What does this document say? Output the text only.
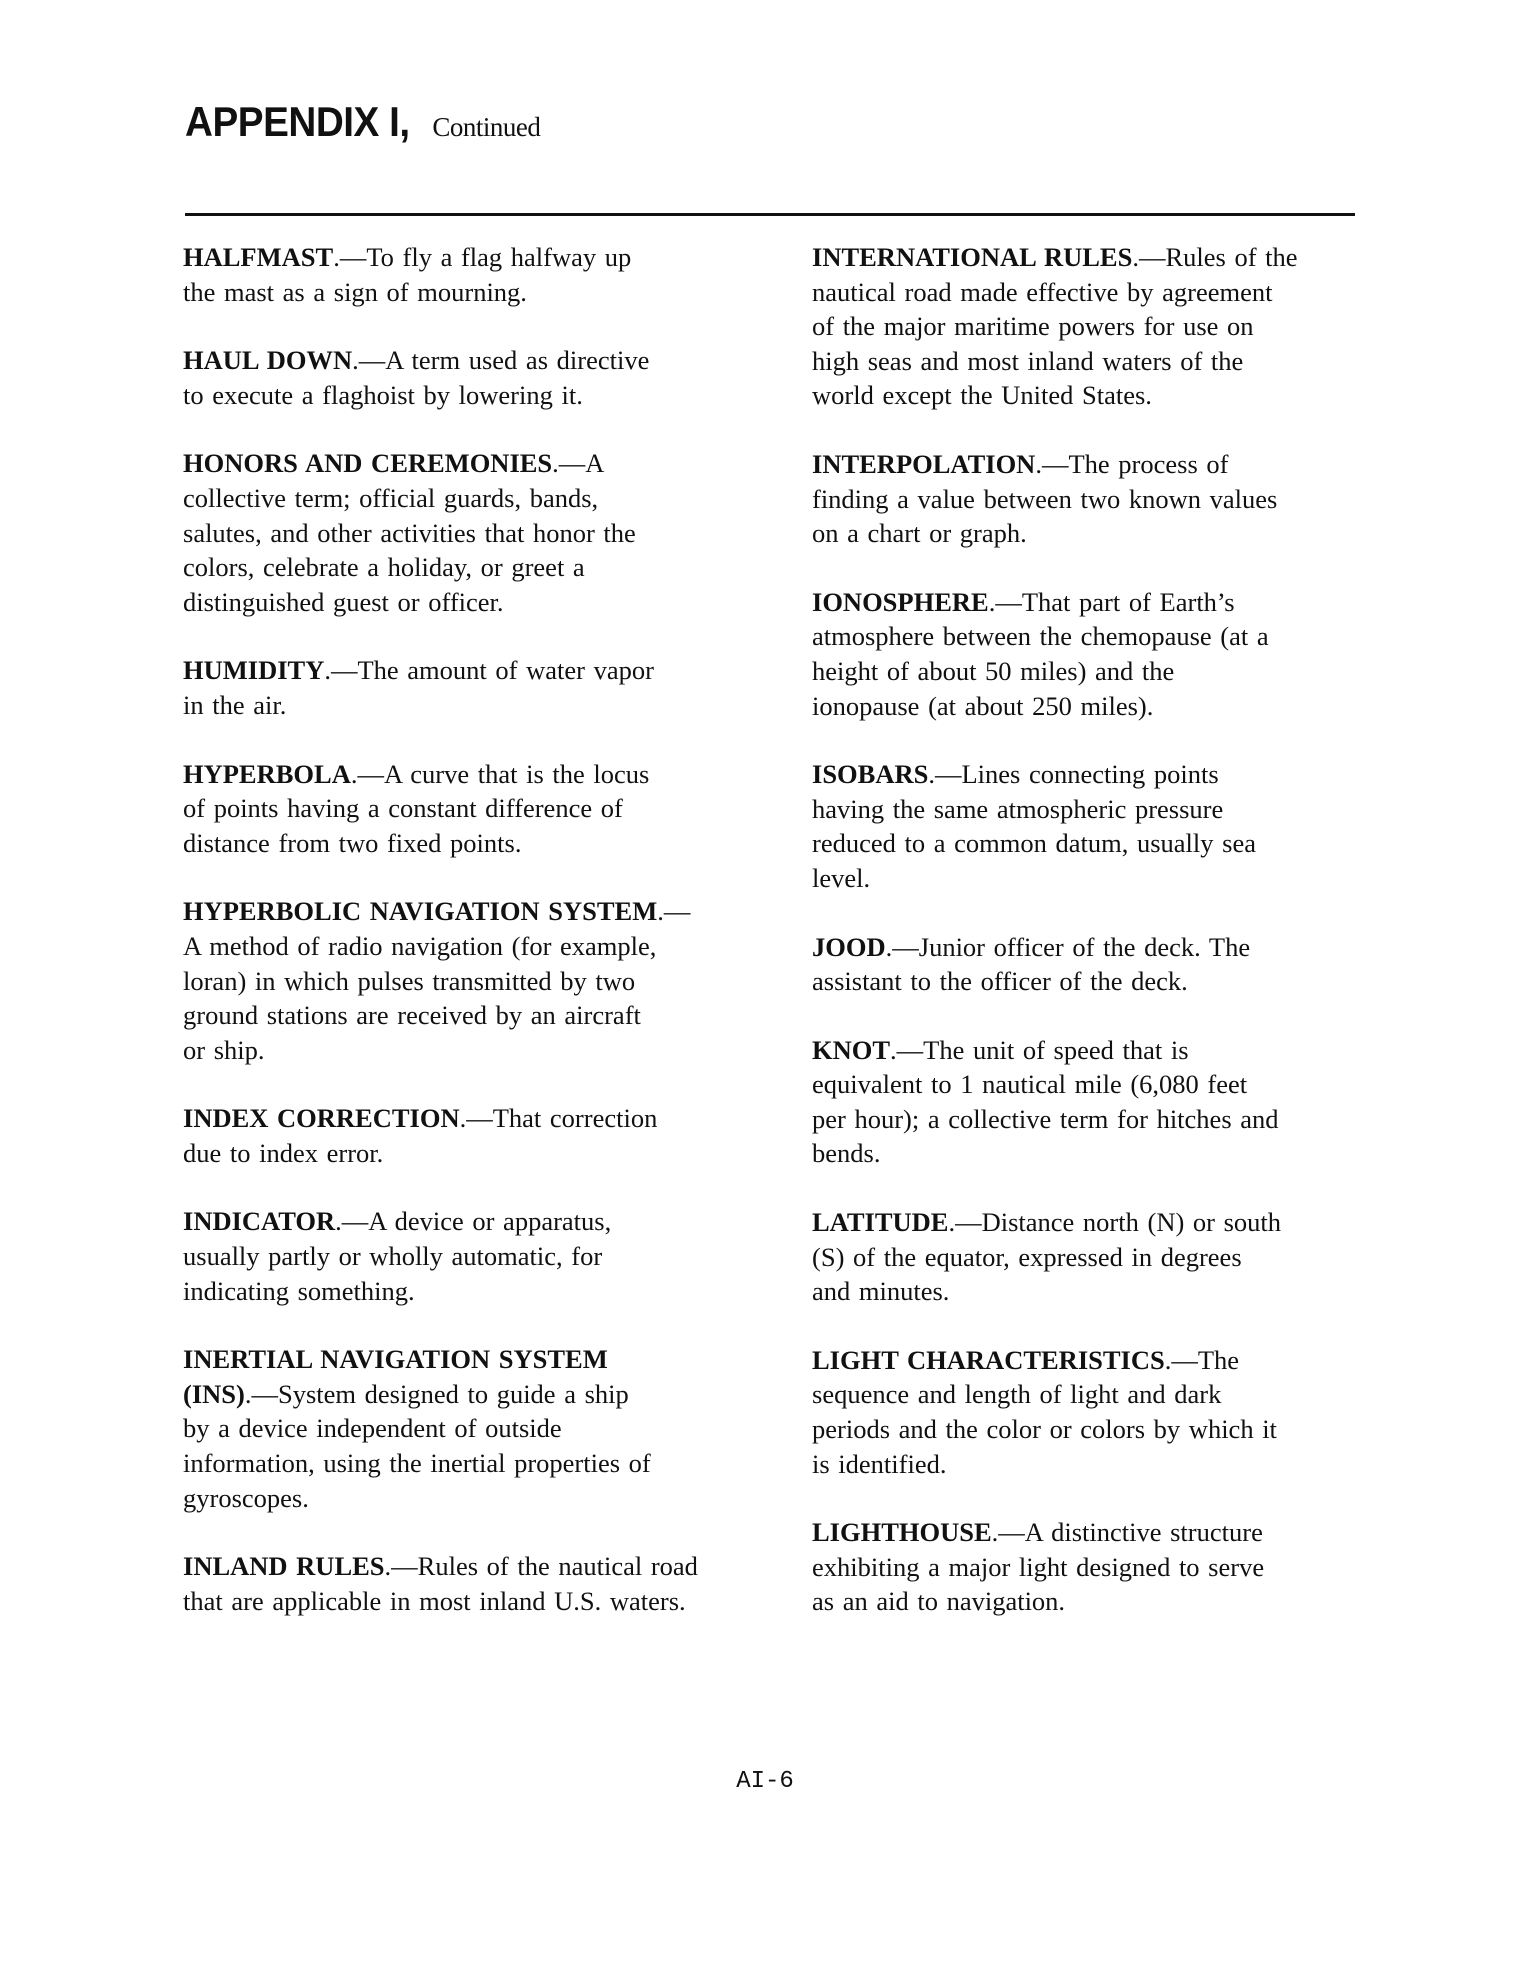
APPENDIX I, Continued
HALFMAST.—To fly a flag halfway up
the mast as a sign of mourning.
HAUL DOWN.—A term used as directive
to execute a flaghoist by lowering it.
HONORS AND CEREMONIES.—A
collective term; official guards, bands,
salutes, and other activities that honor the
colors, celebrate a holiday, or greet a
distinguished guest or officer.
HUMIDITY.—The amount of water vapor
in the air.
HYPERBOLA.—A curve that is the locus
of points having a constant difference of
distance from two fixed points.
HYPERBOLIC NAVIGATION SYSTEM.—
A method of radio navigation (for example,
loran) in which pulses transmitted by two
ground stations are received by an aircraft
or ship.
INDEX CORRECTION.—That correction
due to index error.
INDICATOR.—A device or apparatus,
usually partly or wholly automatic, for
indicating something.
INERTIAL NAVIGATION SYSTEM
(INS).—System designed to guide a ship
by a device independent of outside
information, using the inertial properties of
gyroscopes.
INLAND RULES.—Rules of the nautical road
that are applicable in most inland U.S. waters.
INTERNATIONAL RULES.—Rules of the
nautical road made effective by agreement
of the major maritime powers for use on
high seas and most inland waters of the
world except the United States.
INTERPOLATION.—The process of
finding a value between two known values
on a chart or graph.
IONOSPHERE.—That part of Earth’s
atmosphere between the chemopause (at a
height of about 50 miles) and the
ionopause (at about 250 miles).
ISOBARS.—Lines connecting points
having the same atmospheric pressure
reduced to a common datum, usually sea
level.
JOOD.—Junior officer of the deck. The
assistant to the officer of the deck.
KNOT.—The unit of speed that is
equivalent to 1 nautical mile (6,080 feet
per hour); a collective term for hitches and
bends.
LATITUDE.—Distance north (N) or south
(S) of the equator, expressed in degrees
and minutes.
LIGHT CHARACTERISTICS.—The
sequence and length of light and dark
periods and the color or colors by which it
is identified.
LIGHTHOUSE.—A distinctive structure
exhibiting a major light designed to serve
as an aid to navigation.
AI-6
